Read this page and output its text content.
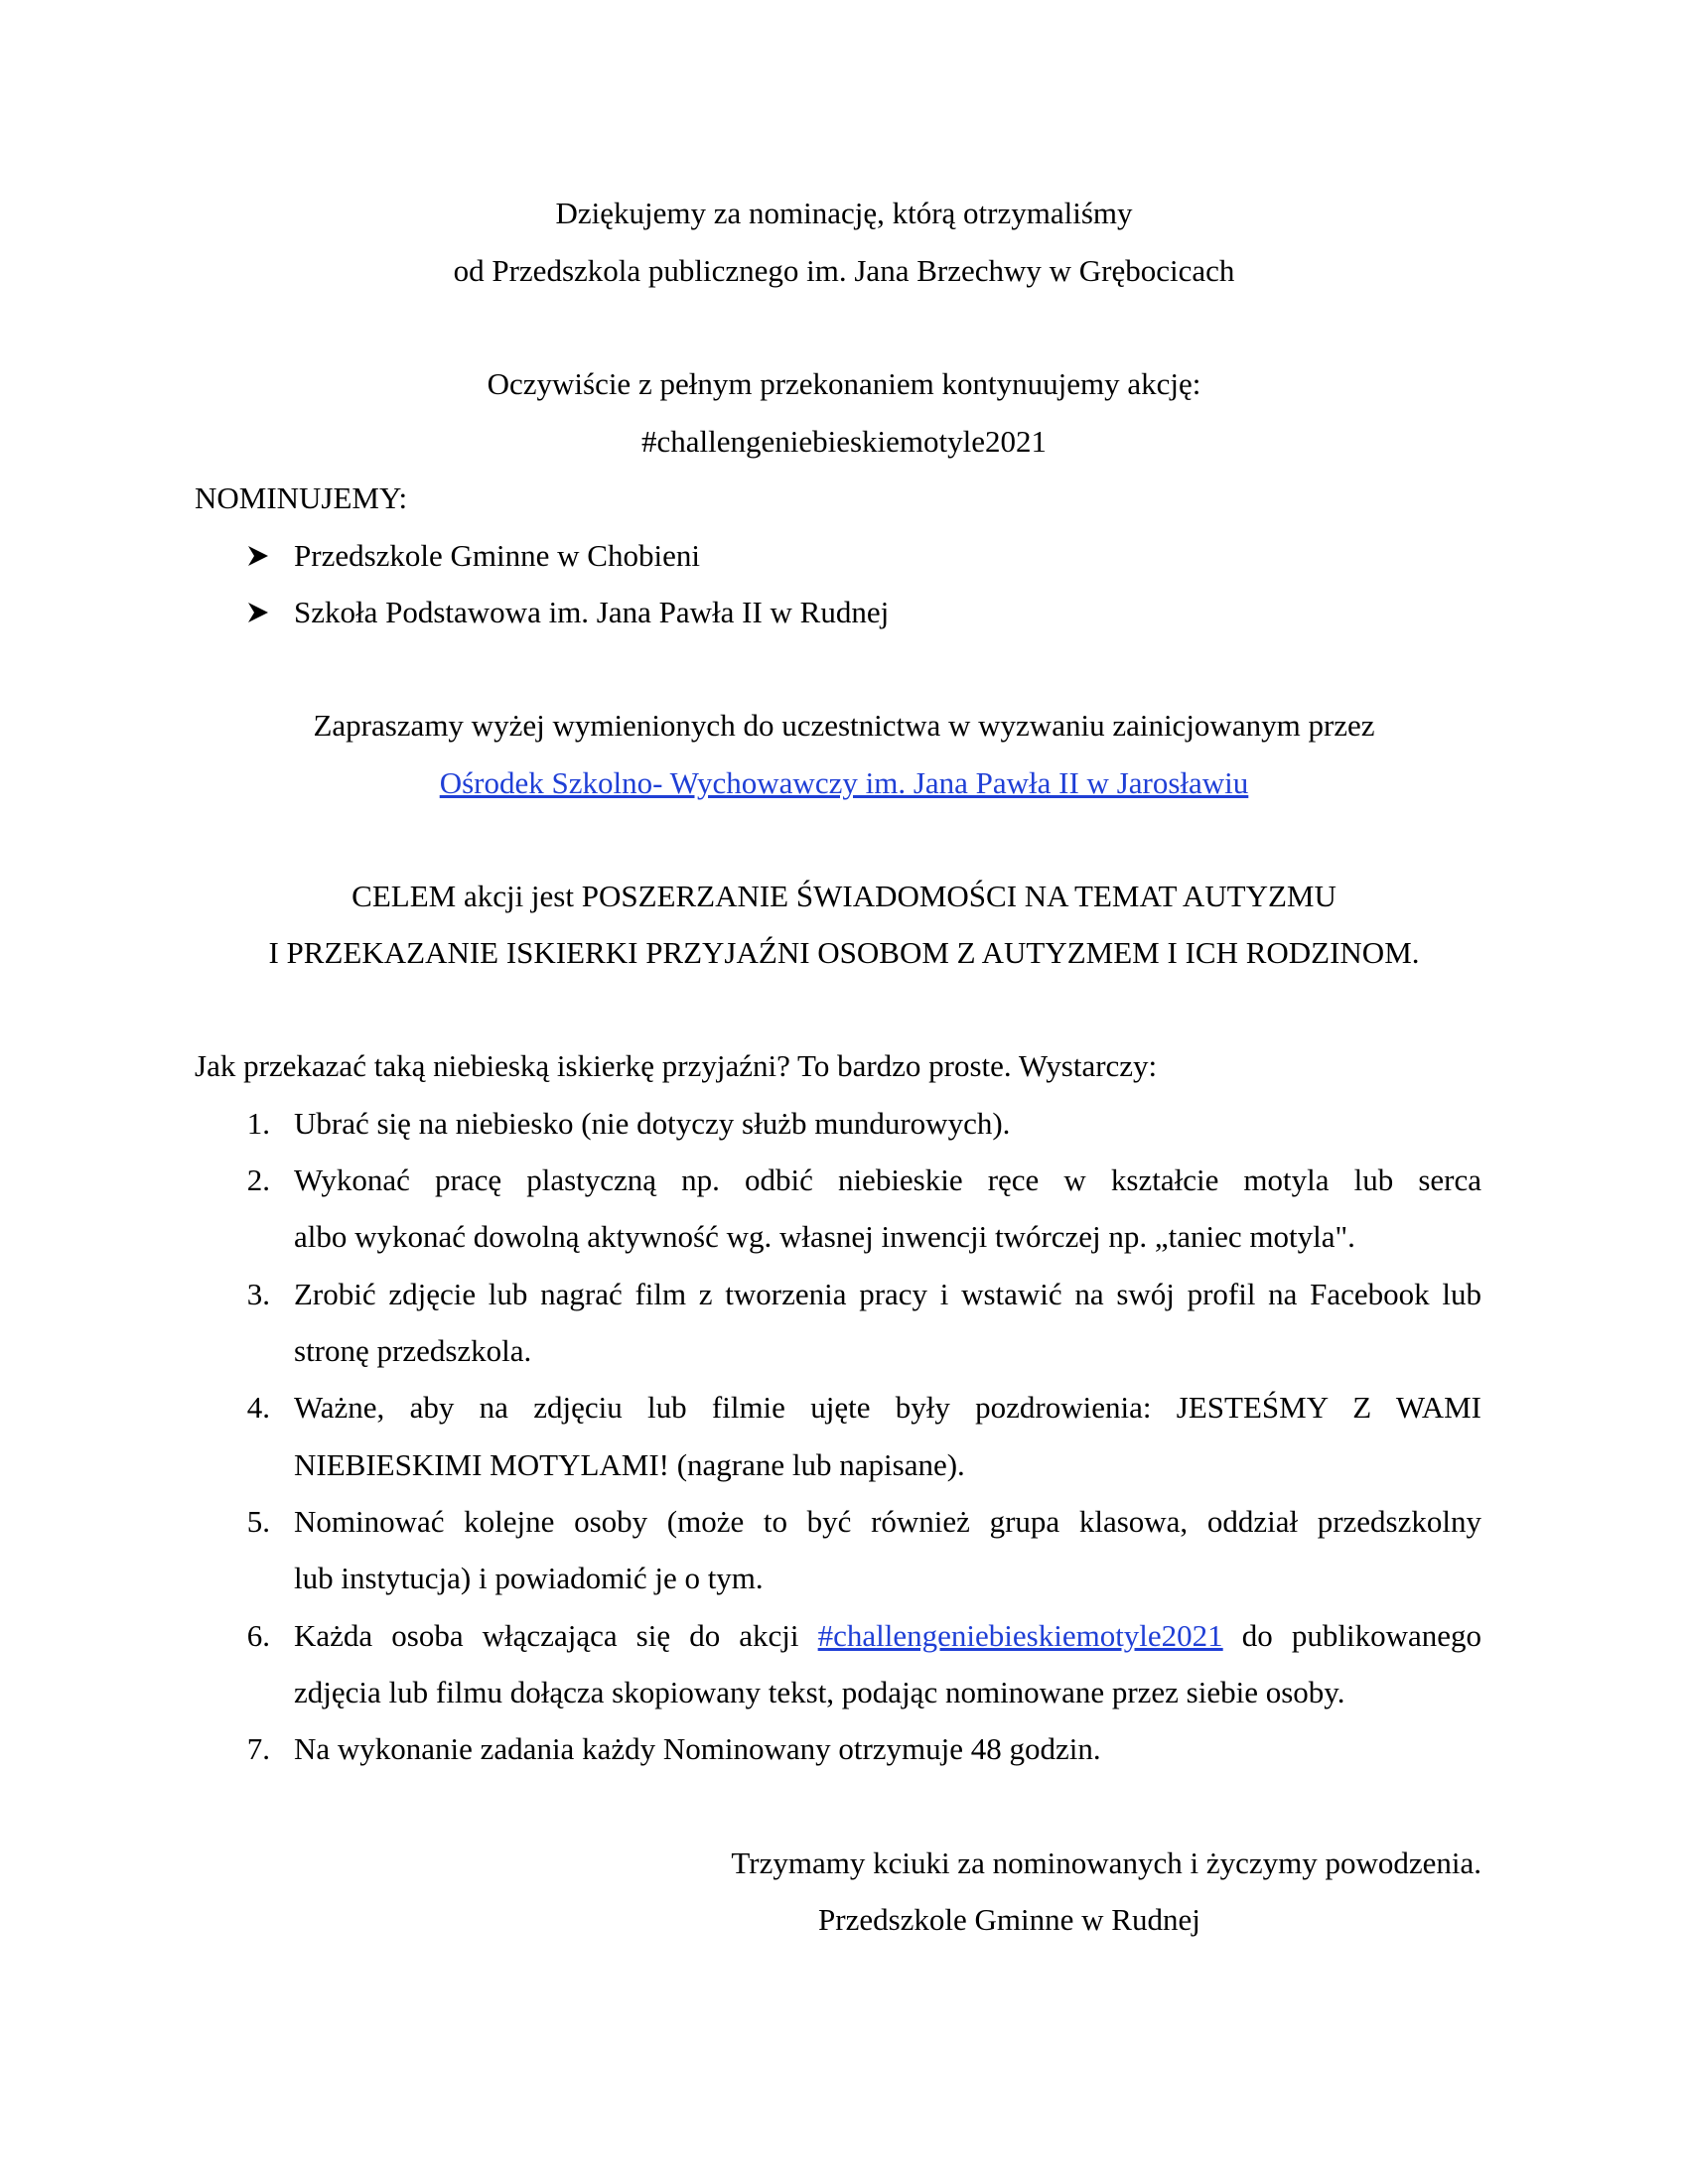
Dziękujemy za nominację, którą otrzymaliśmy
od Przedszkola publicznego im. Jana Brzechwy w Grębocicach
Oczywiście z pełnym przekonaniem kontynuujemy akcję:
#challengeniebieskiemotyle2021
NOMINUJEMY:
Przedszkole Gminne w Chobieni
Szkoła Podstawowa im. Jana Pawła II w Rudnej
Zapraszamy wyżej wymienionych do uczestnictwa w wyzwaniu zainicjowanym przez
Ośrodek Szkolno- Wychowawczy im. Jana Pawła II w Jarosławiu
CELEM akcji jest POSZERZANIE ŚWIADOMOŚCI NA TEMAT AUTYZMU
I PRZEKAZANIE ISKIERKI PRZYJAŹNI OSOBOM Z AUTYZMEM I ICH RODZINOM.
Jak przekazać taką niebieską iskierkę przyjaźni? To bardzo proste. Wystarczy:
1. Ubrać się na niebiesko (nie dotyczy służb mundurowych).
2. Wykonać pracę plastyczną np. odbić niebieskie ręce w kształcie motyla lub serca
albo wykonać dowolną aktywność wg. własnej inwencji twórczej np. „taniec motyla".
3. Zrobić zdjęcie lub nagrać film z tworzenia pracy i wstawić na swój profil na Facebook lub
stronę przedszkola.
4. Ważne, aby na zdjęciu lub filmie ujęte były pozdrowienia: JESTEŚMY Z WAMI
NIEBIESKIMI MOTYLAMI! (nagrane lub napisane).
5. Nominować kolejne osoby (może to być również grupa klasowa, oddział przedszkolny
lub instytucja) i powiadomić je o tym.
6. Każda osoba włączająca się do akcji #challengeniebieskiemotyle2021 do publikowanego
zdjęcia lub filmu dołącza skopiowany tekst, podając nominowane przez siebie osoby.
7. Na wykonanie zadania każdy Nominowany otrzymuje 48 godzin.
Trzymamy kciuki za nominowanych i życzymy powodzenia.
Przedszkole Gminne w Rudnej
